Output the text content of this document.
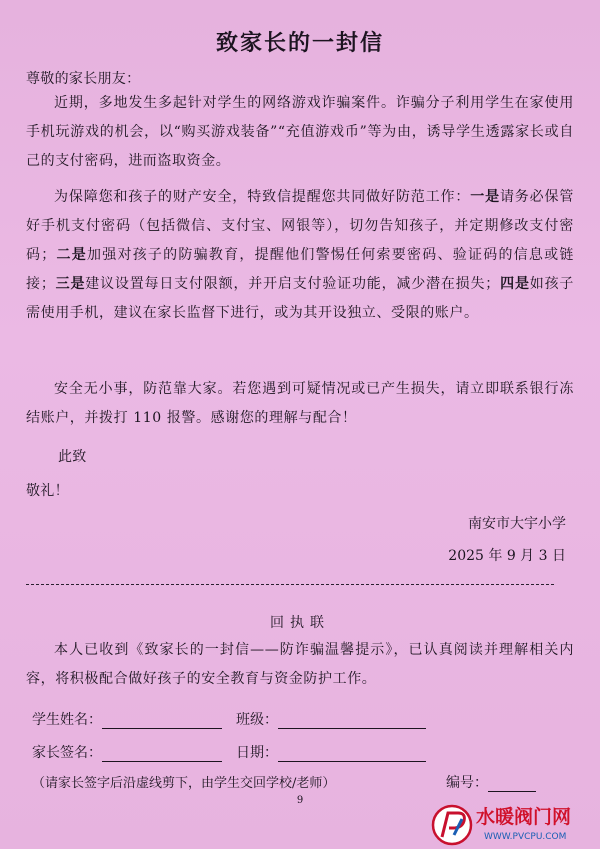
致家长的一封信
尊敬的家长朋友：
近期，多地发生多起针对学生的网络游戏诈骗案件。诈骗分子利用学生在家使用手机玩游戏的机会，以“购买游戏装备”“充值游戏币”等为由，诱导学生透露家长或自己的支付密码，进而盗取资金。
为保障您和孩子的财产安全，特致信提醒您共同做好防范工作：一是请务必保管好手机支付密码（包括微信、支付宝、网银等），切勿告知孩子，并定期修改支付密码；二是加强对孩子的防骗教育，提醒他们警惕任何索要密码、验证码的信息或链接；三是建议设置每日支付限额，并开启支付验证功能，减少潜在损失；四是如孩子需使用手机，建议在家长监督下进行，或为其开设独立、受限的账户。
安全无小事，防范靠大家。若您遇到可疑情况或已产生损失，请立即联系银行冻结账户，并拨打 110 报警。感谢您的理解与配合！
此致
敬礼！
南安市大宇小学
2025 年 9 月 3 日
回执联
本人已收到《致家长的一封信——防诈骗温馨提示》，已认真阅读并理解相关内容，将积极配合做好孩子的安全教育与资金防护工作。
学生姓名：	班级：
家长签名：	日期：
（请家长签字后沿虚线剪下，由学生交回学校/老师）	编号：
9
水暖阀门网
WWW.PVCPU.COM
